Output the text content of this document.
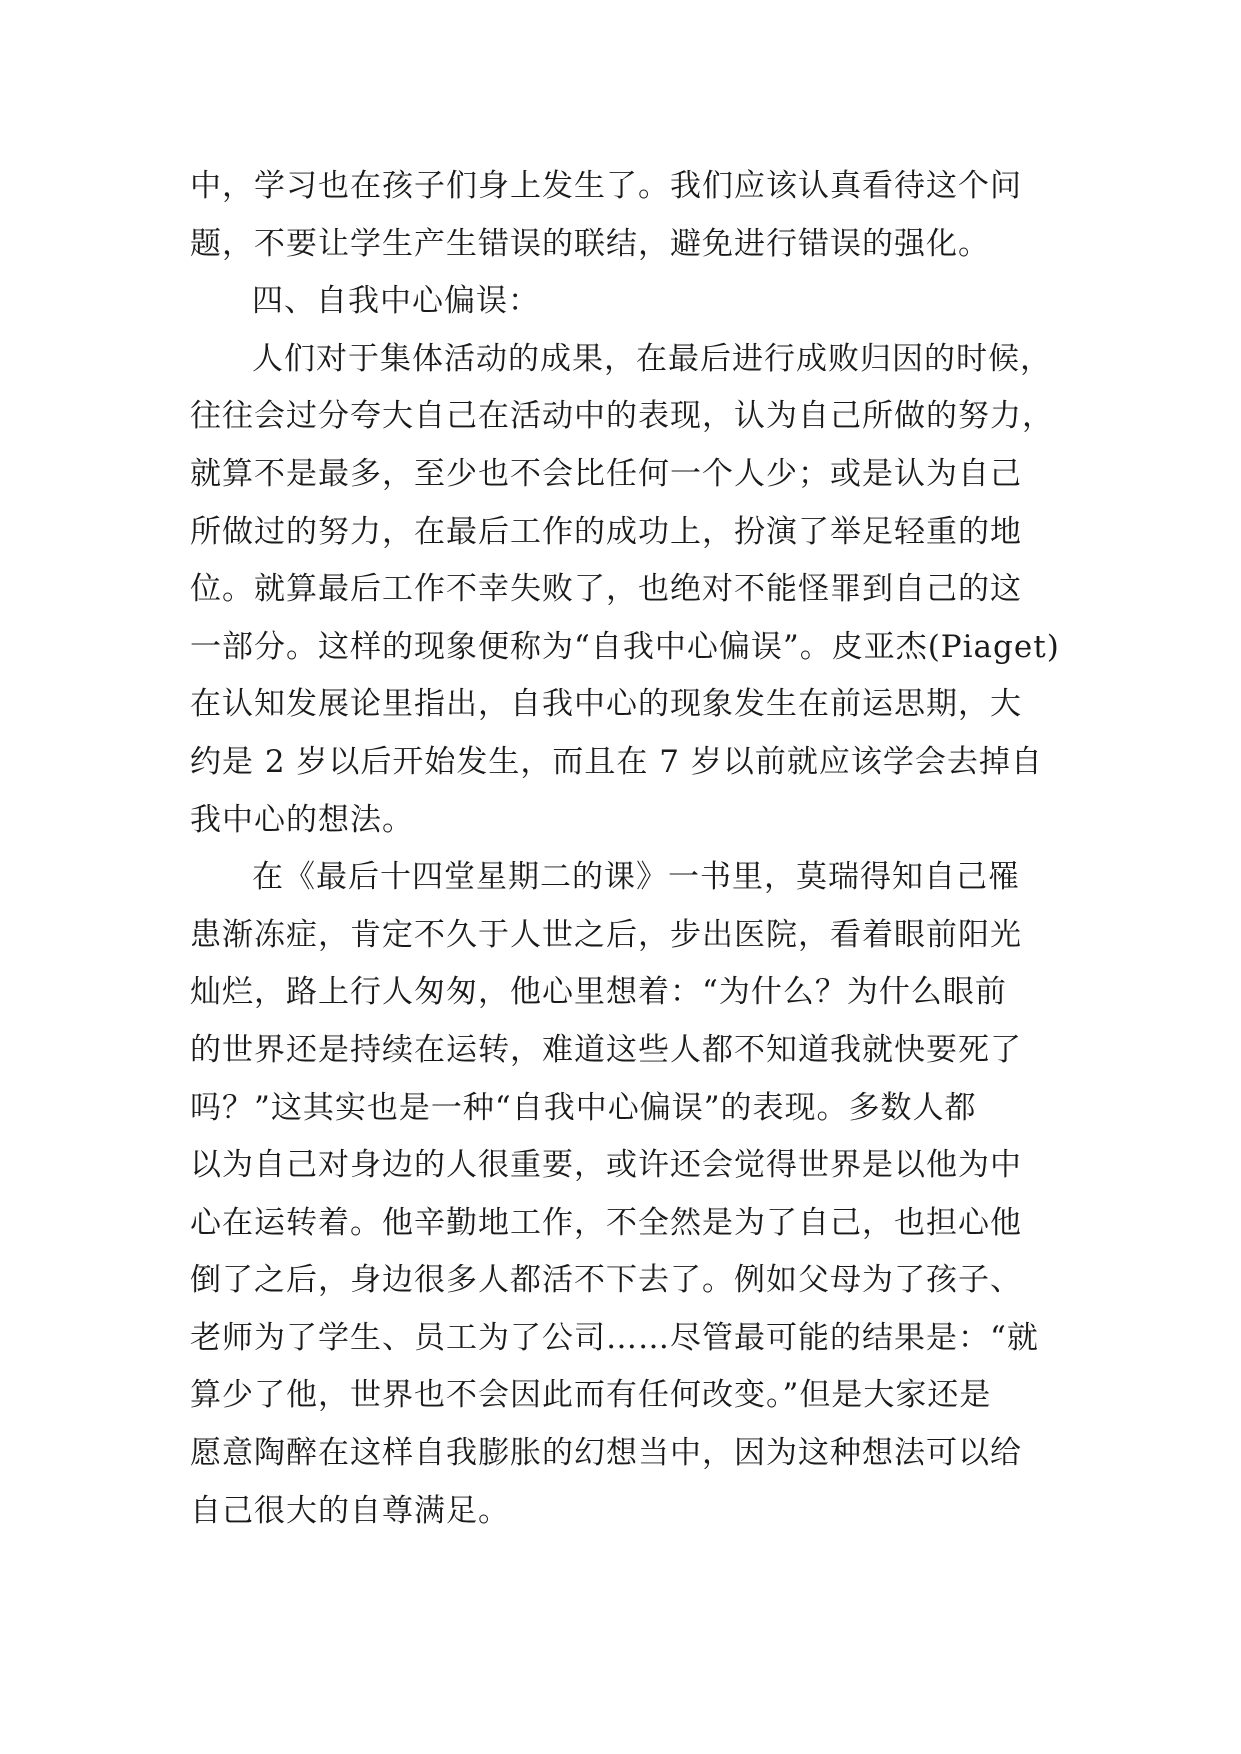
中，学习也在孩子们身上发生了。我们应该认真看待这个问
题，不要让学生产生错误的联结，避免进行错误的强化。
四、自我中心偏误：
人们对于集体活动的成果，在最后进行成败归因的时候，
往往会过分夸大自己在活动中的表现，认为自己所做的努力，
就算不是最多，至少也不会比任何一个人少；或是认为自己
所做过的努力，在最后工作的成功上，扮演了举足轻重的地
位。就算最后工作不幸失败了，也绝对不能怪罪到自己的这
一部分。这样的现象便称为“自我中心偏误”。皮亚杰(Piaget)
在认知发展论里指出，自我中心的现象发生在前运思期，大
约是 2 岁以后开始发生，而且在 7 岁以前就应该学会去掉自
我中心的想法。
在《最后十四堂星期二的课》一书里，莫瑞得知自己罹
患渐冻症，肯定不久于人世之后，步出医院，看着眼前阳光
灿烂，路上行人匆匆，他心里想着：“为什么？为什么眼前
的世界还是持续在运转，难道这些人都不知道我就快要死了
吗？”这其实也是一种“自我中心偏误”的表现。多数人都
以为自己对身边的人很重要，或许还会觉得世界是以他为中
心在运转着。他辛勤地工作，不全然是为了自己，也担心他
倒了之后，身边很多人都活不下去了。例如父母为了孩子、
老师为了学生、员工为了公司……尽管最可能的结果是：“就
算少了他，世界也不会因此而有任何改变。”但是大家还是
愿意陶醉在这样自我膨胀的幻想当中，因为这种想法可以给
自己很大的自尊满足。
